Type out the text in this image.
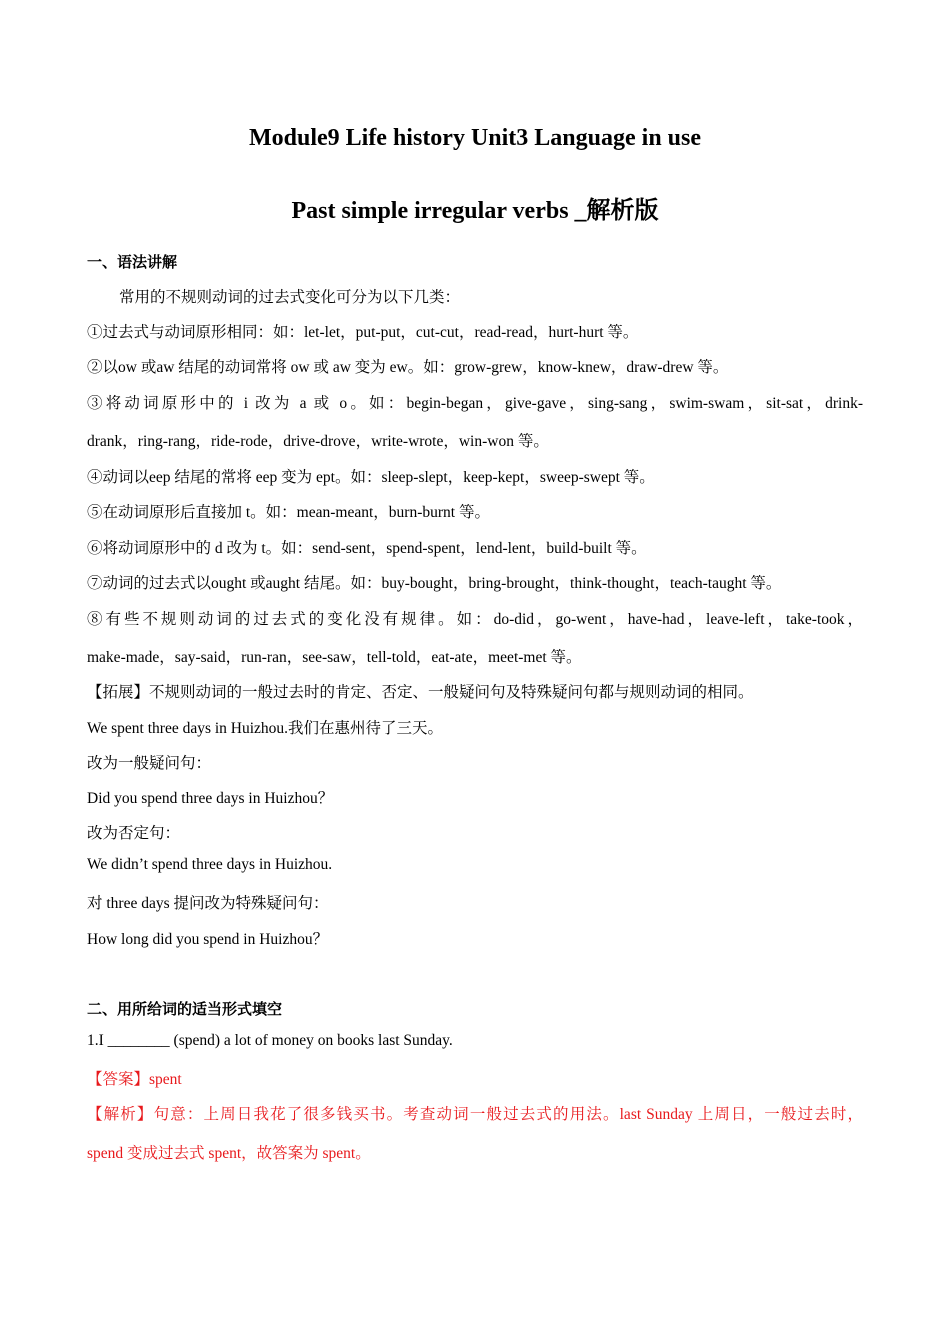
Module9 Life history Unit3 Language in use
Past simple irregular verbs _解析版
一、语法讲解
常用的不规则动词的过去式变化可分为以下几类：
①过去式与动词原形相同：如：let-let，put-put，cut-cut，read-read，hurt-hurt 等。
②以ow 或aw 结尾的动词常将 ow 或 aw 变为 ew。如：grow-grew，know-knew，draw-drew 等。
③将动词原形中的 i 改为 a 或 o。如：begin-began，give-gave，sing-sang，swim-swam，sit-sat，drink-
drank，ring-rang，ride-rode，drive-drove，write-wrote，win-won 等。
④动词以eep 结尾的常将 eep 变为 ept。如：sleep-slept，keep-kept，sweep-swept 等。
⑤在动词原形后直接加 t。如：mean-meant，burn-burnt 等。
⑥将动词原形中的 d 改为 t。如：send-sent，spend-spent，lend-lent，build-built 等。
⑦动词的过去式以ought 或aught 结尾。如：buy-bought，bring-brought，think-thought，teach-taught 等。
⑧有些不规则动词的过去式的变化没有规律。如：do-did，go-went，have-had，leave-left，take-took，
make-made，say-said，run-ran，see-saw，tell-told，eat-ate，meet-met 等。
【拓展】不规则动词的一般过去时的肯定、否定、一般疑问句及特殊疑问句都与规则动词的相同。
We spent three days in Huizhou.我们在惠州待了三天。
改为一般疑问句：
Did you spend three days in Huizhou？
改为否定句：
We didn’t spend three days in Huizhou.
对 three days 提问改为特殊疑问句：
How long did you spend in Huizhou？
二、用所给词的适当形式填空
1.I ________ (spend) a lot of money on books last Sunday.
【答案】spent
【解析】句意：上周日我花了很多钱买书。考查动词一般过去式的用法。last Sunday 上周日，一般过去时，
spend 变成过去式 spent，故答案为 spent。
